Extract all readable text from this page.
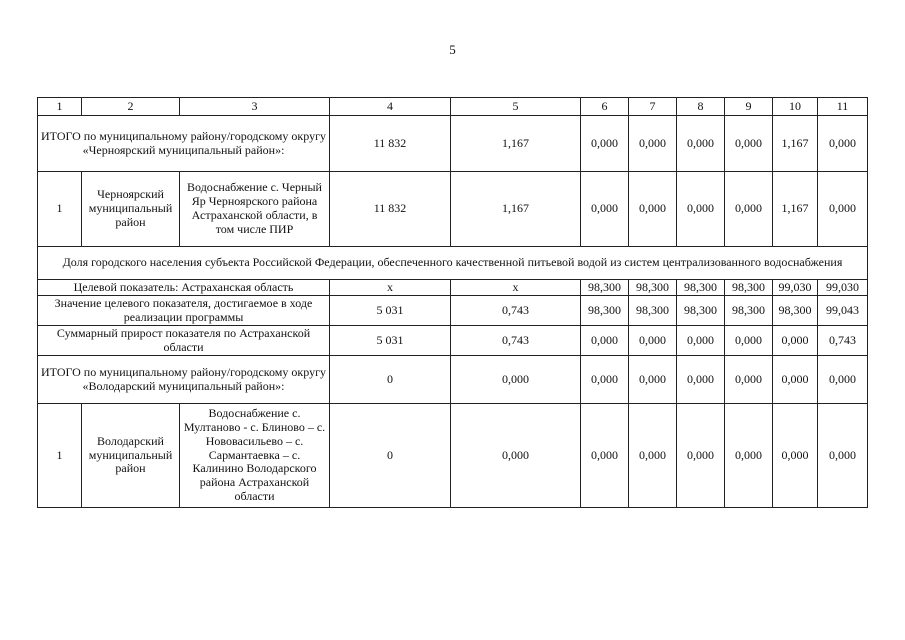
5
1	2	3	4	5	6	7	8	9	10	11
ИТОГО по муниципальному району/городскому округу «Черноярский муниципальный район»:			11 832	1,167	0,000	0,000	0,000	0,000	1,167	0,000
1	Черноярский муниципальный район	Водоснабжение с. Черный Яр Черноярского района Астраханской области, в том числе ПИР	11 832	1,167	0,000	0,000	0,000	0,000	1,167	0,000
Доля городского населения субъекта Российской Федерации, обеспеченного качественной питьевой водой из систем централизованного водоснабжения										
Целевой показатель: Астраханская область			x	x	98,300	98,300	98,300	98,300	99,030	99,030
Значение целевого показателя, достигаемое в ходе реализации программы			5 031	0,743	98,300	98,300	98,300	98,300	98,300	99,043
Суммарный прирост показателя по Астраханской области			5 031	0,743	0,000	0,000	0,000	0,000	0,000	0,743
ИТОГО по муниципальному району/городскому округу «Володарский муниципальный район»:			0	0,000	0,000	0,000	0,000	0,000	0,000	0,000
1	Володарский муниципальный район	Водоснабжение с. Мултаново - с. Блиново – с. Нововасильево – с. Сармантаевка – с. Калинино Володарского района Астраханской области	0	0,000	0,000	0,000	0,000	0,000	0,000	0,000
